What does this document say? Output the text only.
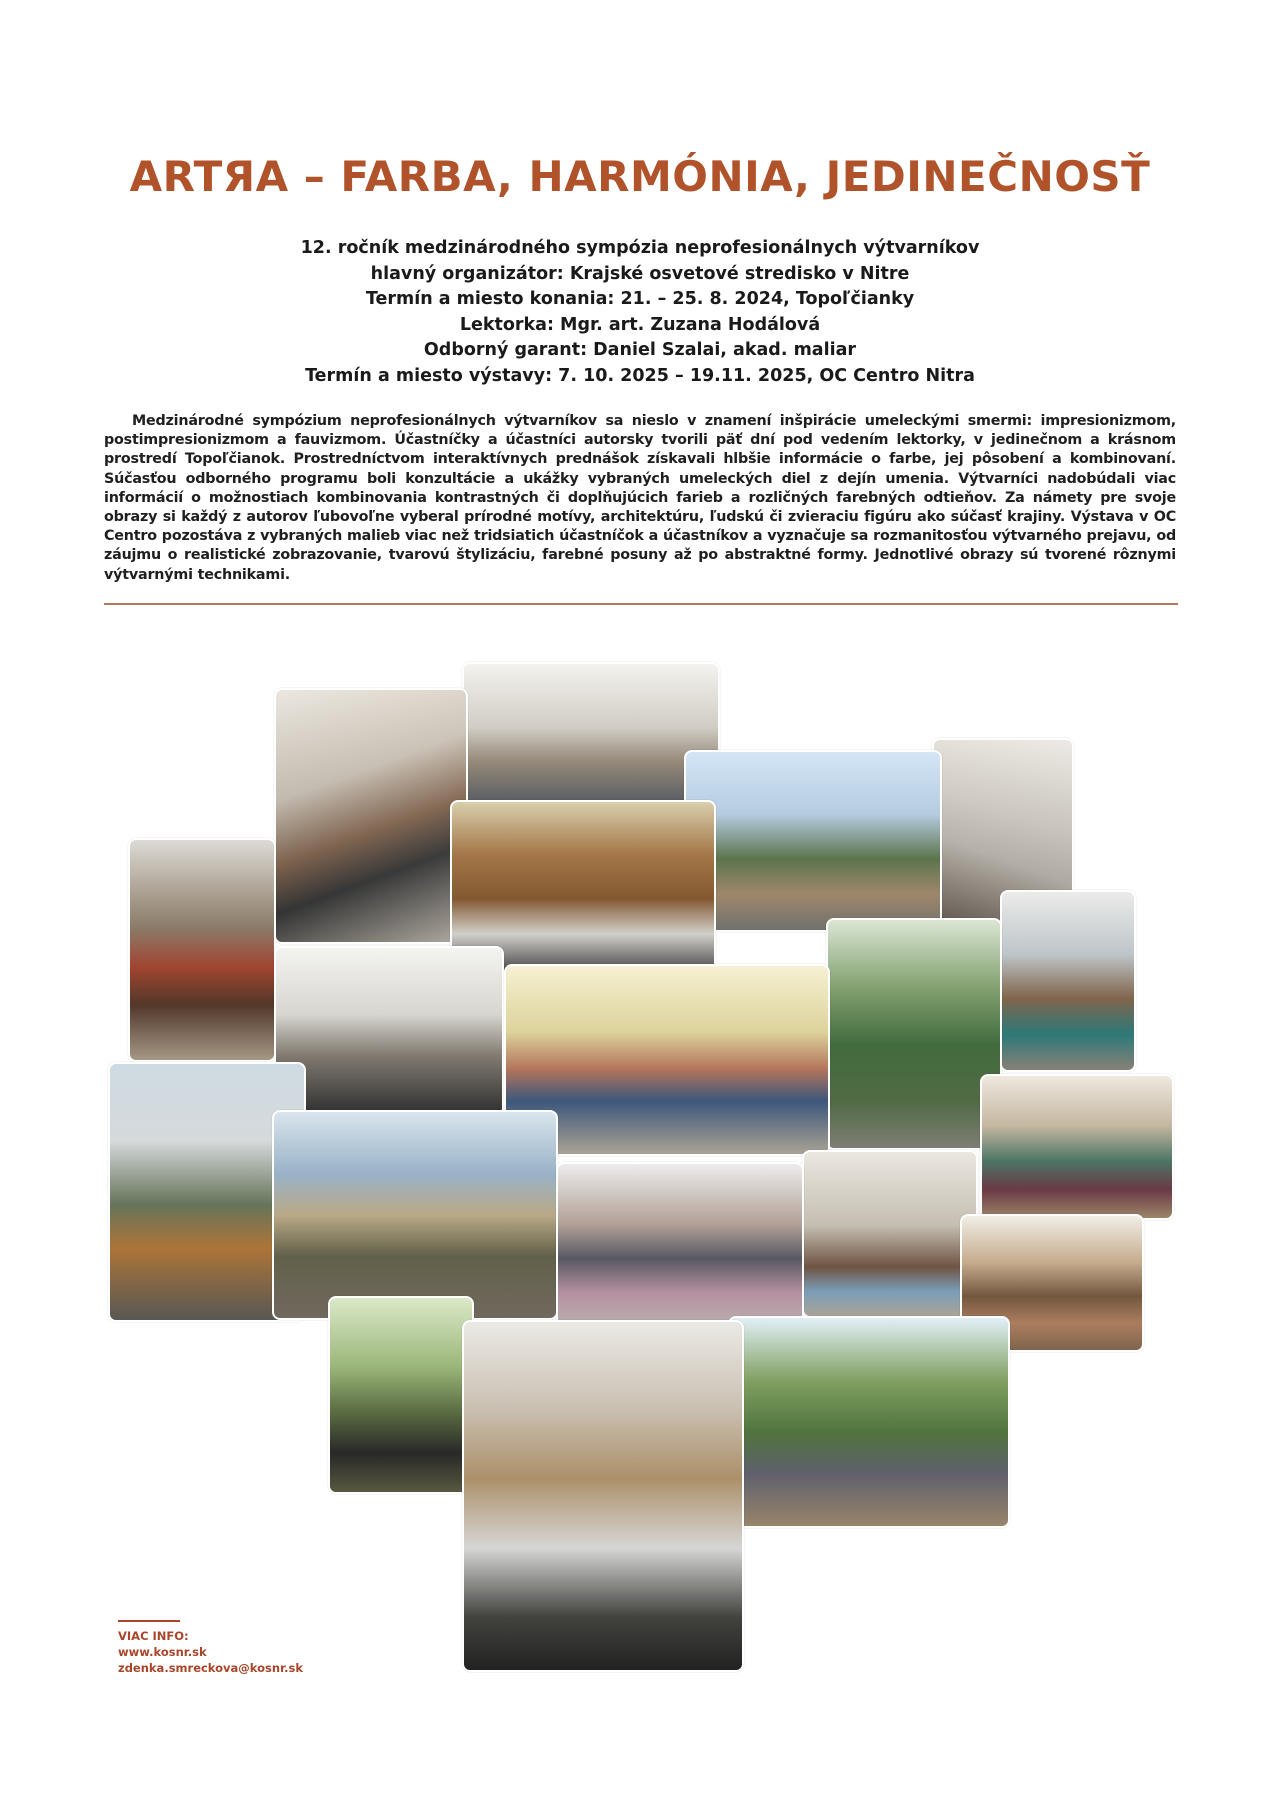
ARTЯA – FARBA, HARMÓNIA, JEDINEČNOSŤ
12. ročník medzinárodného sympózia neprofesionálnych výtvarníkov
hlavný organizátor: Krajské osvetové stredisko v Nitre
Termín a miesto konania: 21. – 25. 8. 2024, Topoľčianky
Lektorka: Mgr. art. Zuzana Hodálová
Odborný garant: Daniel Szalai, akad. maliar
Termín a miesto výstavy: 7. 10. 2025 – 19.11. 2025, OC Centro Nitra

Medzinárodné sympózium neprofesionálnych výtvarníkov sa nieslo v znamení inšpirácie umeleckými smermi: impresionizmom, postimpresionizmom a fauvizmom. Účastníčky a účastníci autorsky tvorili päť dní pod vedením lektorky, v jedinečnom a krásnom prostredí Topoľčianok. Prostredníctvom interaktívnych prednášok získavali hlbšie informácie o farbe, jej pôsobení a kombinovaní. Súčasťou odborného programu boli konzultácie a ukážky vybraných umeleckých diel z dejín umenia. Výtvarníci nadobúdali viac informácií o možnostiach kombinovania kontrastných či doplňujúcich farieb a rozličných farebných odtieňov. Za námety pre svoje obrazy si každý z autorov ľubovoľne vyberal prírodné motívy, architektúru, ľudskú či zvieraciu figúru ako súčasť krajiny. Výstava v OC Centro pozostáva z vybraných malieb viac než tridsiatich účastníčok a účastníkov a vyznačuje sa rozmanitosťou výtvarného prejavu, od záujmu o realistické zobrazovanie, tvarovú štylizáciu, farebné posuny až po abstraktné formy. Jednotlivé obrazy sú tvorené rôznymi výtvarnými technikami.

VIAC INFO:
www.kosnr.sk
zdenka.smreckova@kosnr.sk
